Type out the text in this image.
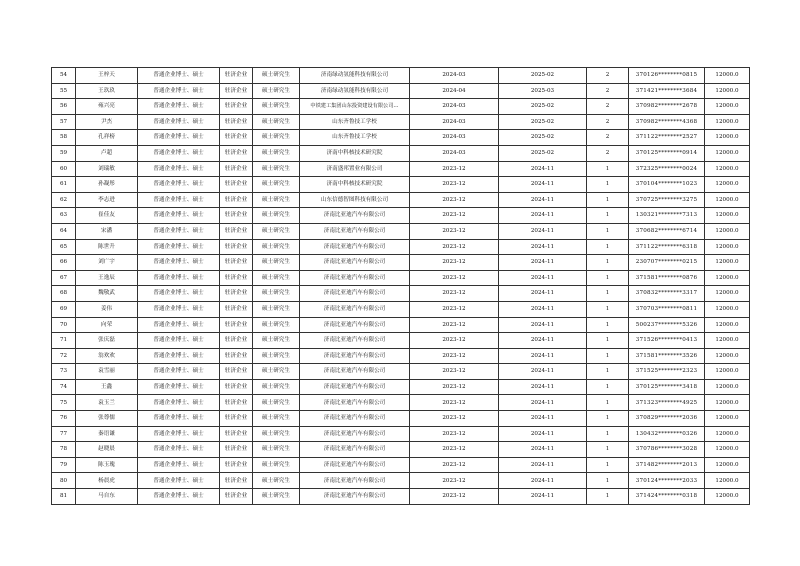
54	王梓天	普通企业博士、硕士	驻济企业	硕士研究生	济南绿动氢能科技有限公司	2024-03	2025-02	2	370126********0815	12000.0
55	王玖玖	普通企业博士、硕士	驻济企业	硕士研究生	济南绿动氢能科技有限公司	2024-04	2025-03	2	371421********3684	12000.0
56	雍兴亮	普通企业博士、硕士	驻济企业	硕士研究生	中铁建工集团山东投资建设有限公司…	2024-03	2025-02	2	370982********2678	12000.0
57	尹杰	普通企业博士、硕士	驻济企业	硕士研究生	山东齐鲁技工学校	2024-03	2025-02	2	370982********4368	12000.0
58	孔祥榜	普通企业博士、硕士	驻济企业	硕士研究生	山东齐鲁技工学校	2024-03	2025-02	2	371122********2527	12000.0
59	卢超	普通企业博士、硕士	驻济企业	硕士研究生	济南中科核技术研究院	2024-03	2025-02	2	370125********0914	12000.0
60	刘瑞敏	普通企业博士、硕士	驻济企业	硕士研究生	济南盛邦置业有限公司	2023-12	2024-11	1	372325********0024	12000.0
61	孙凝彤	普通企业博士、硕士	驻济企业	硕士研究生	济南中科核技术研究院	2023-12	2024-11	1	370104********1023	12000.0
62	李志进	普通企业博士、硕士	驻济企业	硕士研究生	山东信德智图科技有限公司	2023-12	2024-11	1	370725********3275	12000.0
63	崔佳友	普通企业博士、硕士	驻济企业	硕士研究生	济南比亚迪汽车有限公司	2023-12	2024-11	1	130321********7313	12000.0
64	宋潘	普通企业博士、硕士	驻济企业	硕士研究生	济南比亚迪汽车有限公司	2023-12	2024-11	1	370682********6714	12000.0
65	陈世升	普通企业博士、硕士	驻济企业	硕士研究生	济南比亚迪汽车有限公司	2023-12	2024-11	1	371122********6318	12000.0
66	刘广宇	普通企业博士、硕士	驻济企业	硕士研究生	济南比亚迪汽车有限公司	2023-12	2024-11	1	230707********0215	12000.0
67	王逸辰	普通企业博士、硕士	驻济企业	硕士研究生	济南比亚迪汽车有限公司	2023-12	2024-11	1	371581********0876	12000.0
68	魏敬武	普通企业博士、硕士	驻济企业	硕士研究生	济南比亚迪汽车有限公司	2023-12	2024-11	1	370832********3317	12000.0
69	姜伟	普通企业博士、硕士	驻济企业	硕士研究生	济南比亚迪汽车有限公司	2023-12	2024-11	1	370703********0811	12000.0
70	向荣	普通企业博士、硕士	驻济企业	硕士研究生	济南比亚迪汽车有限公司	2023-12	2024-11	1	500237********5326	12000.0
71	张庆磊	普通企业博士、硕士	驻济企业	硕士研究生	济南比亚迪汽车有限公司	2023-12	2024-11	1	371526********0413	12000.0
72	翁欢欢	普通企业博士、硕士	驻济企业	硕士研究生	济南比亚迪汽车有限公司	2023-12	2024-11	1	371581********3526	12000.0
73	袁雪丽	普通企业博士、硕士	驻济企业	硕士研究生	济南比亚迪汽车有限公司	2023-12	2024-11	1	371525********2323	12000.0
74	王鑫	普通企业博士、硕士	驻济企业	硕士研究生	济南比亚迪汽车有限公司	2023-12	2024-11	1	370125********3418	12000.0
75	袁玉兰	普通企业博士、硕士	驻济企业	硕士研究生	济南比亚迪汽车有限公司	2023-12	2024-11	1	371323********4925	12000.0
76	张尊儒	普通企业博士、硕士	驻济企业	硕士研究生	济南比亚迪汽车有限公司	2023-12	2024-11	1	370829********2036	12000.0
77	秦语谦	普通企业博士、硕士	驻济企业	硕士研究生	济南比亚迪汽车有限公司	2023-12	2024-11	1	130432********0326	12000.0
78	赵晓晨	普通企业博士、硕士	驻济企业	硕士研究生	济南比亚迪汽车有限公司	2023-12	2024-11	1	370786********3028	12000.0
79	陈玉瑰	普通企业博士、硕士	驻济企业	硕士研究生	济南比亚迪汽车有限公司	2023-12	2024-11	1	371482********2013	12000.0
80	杨晨虎	普通企业博士、硕士	驻济企业	硕士研究生	济南比亚迪汽车有限公司	2023-12	2024-11	1	370124********2033	12000.0
81	马自东	普通企业博士、硕士	驻济企业	硕士研究生	济南比亚迪汽车有限公司	2023-12	2024-11	1	371424********0318	12000.0
